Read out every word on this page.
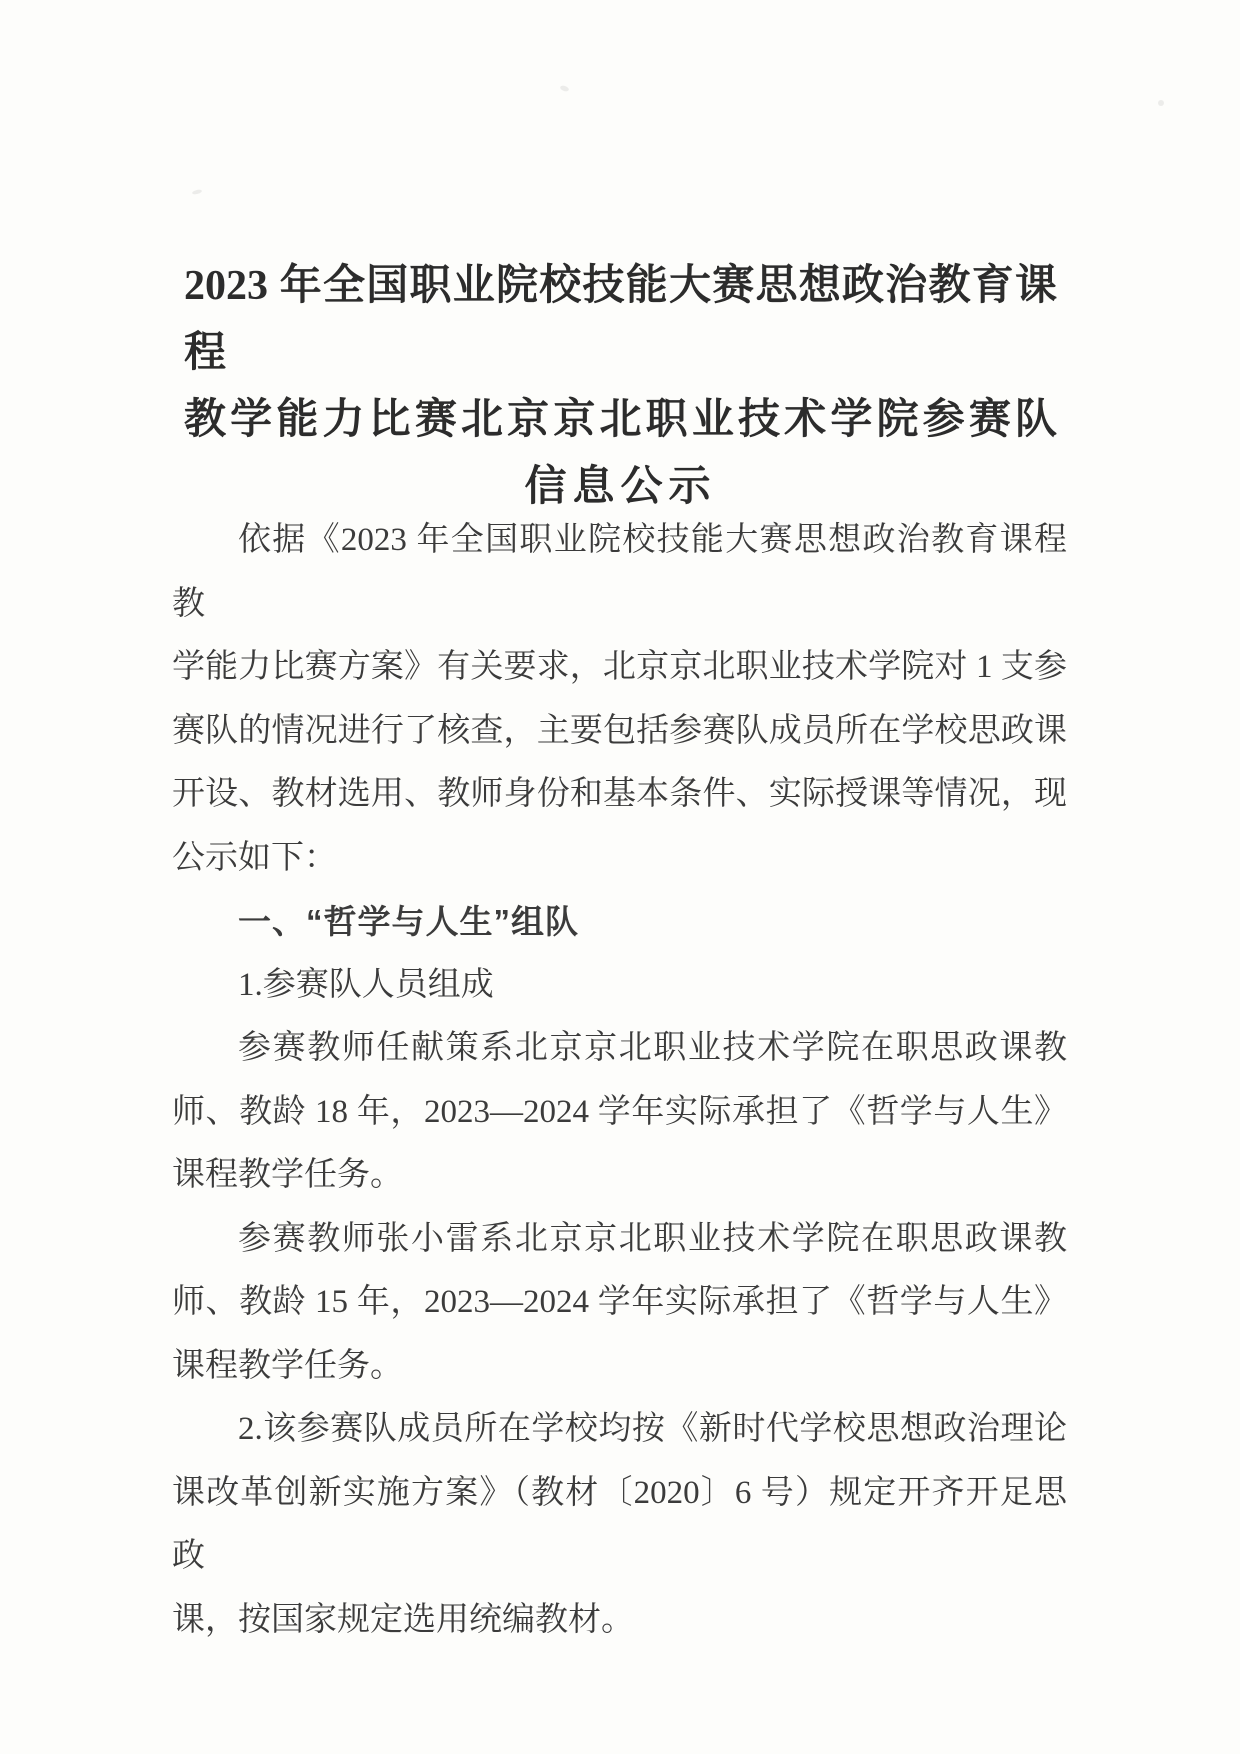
2023 年全国职业院校技能大赛思想政治教育课程
教学能力比赛北京京北职业技术学院参赛队
信息公示
依据《2023 年全国职业院校技能大赛思想政治教育课程教
学能力比赛方案》有关要求，北京京北职业技术学院对 1 支参
赛队的情况进行了核查，主要包括参赛队成员所在学校思政课
开设、教材选用、教师身份和基本条件、实际授课等情况，现
公示如下：
一、“哲学与人生”组队
1.参赛队人员组成
参赛教师任献策系北京京北职业技术学院在职思政课教
师、教龄 18 年，2023—2024 学年实际承担了《哲学与人生》
课程教学任务。
参赛教师张小雷系北京京北职业技术学院在职思政课教
师、教龄 15 年，2023—2024 学年实际承担了《哲学与人生》
课程教学任务。
2.该参赛队成员所在学校均按《新时代学校思想政治理论
课改革创新实施方案》（教材〔2020〕6 号）规定开齐开足思政
课，按国家规定选用统编教材。
